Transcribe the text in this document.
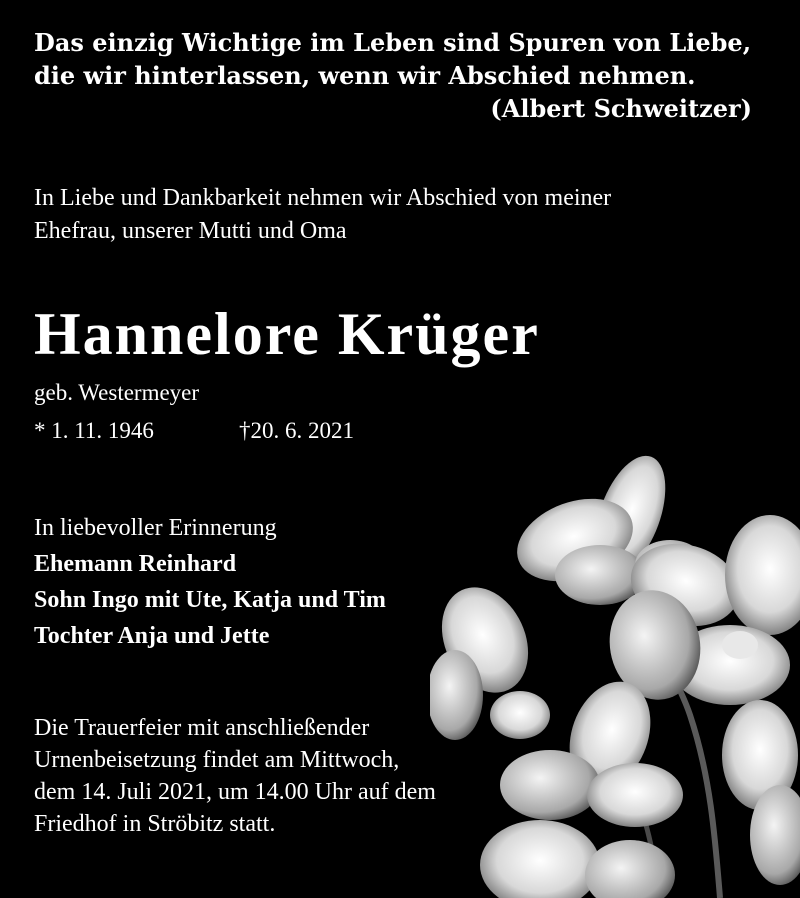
Das einzig Wichtige im Leben sind Spuren von Liebe,
die wir hinterlassen, wenn wir Abschied nehmen.
(Albert Schweitzer)
In Liebe und Dankbarkeit nehmen wir Abschied von meiner
Ehefrau, unserer Mutti und Oma
Hannelore Krüger
geb. Westermeyer
* 1. 11. 1946	†20. 6. 2021
In liebevoller Erinnerung
Ehemann Reinhard
Sohn Ingo mit Ute, Katja und Tim
Tochter Anja und Jette
Die Trauerfeier mit anschließender
Urnenbeisetzung findet am Mittwoch,
dem 14. Juli 2021, um 14.00 Uhr auf dem
Friedhof in Ströbitz statt.
